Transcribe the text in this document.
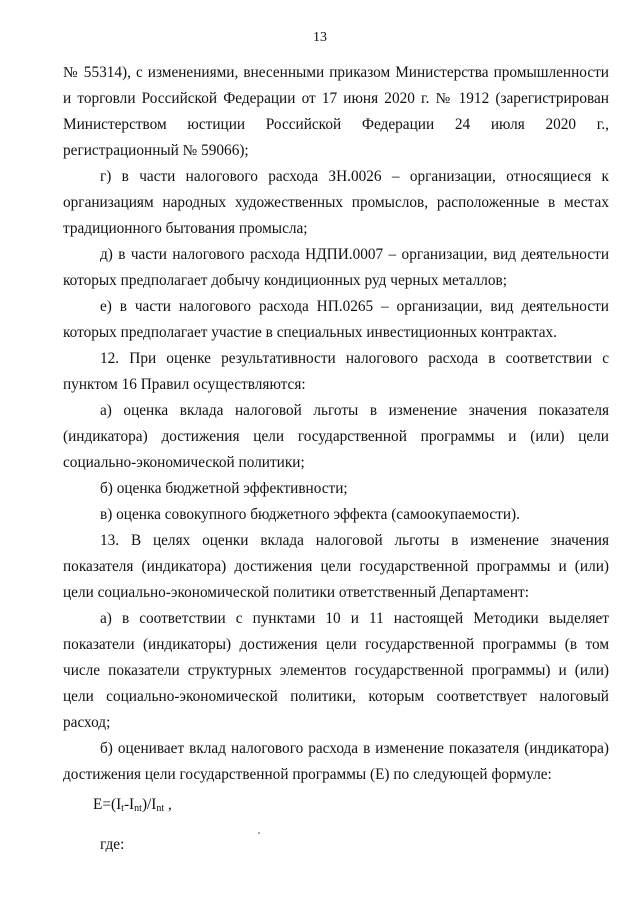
13

№ 55314), с изменениями, внесенными приказом Министерства промышленности и торговли Российской Федерации от 17 июня 2020 г. № 1912 (зарегистрирован Министерством юстиции Российской Федерации 24 июля 2020 г., регистрационный № 59066);

г) в части налогового расхода ЗН.0026 – организации, относящиеся к организациям народных художественных промыслов, расположенные в местах традиционного бытования промысла;

д) в части налогового расхода НДПИ.0007 – организации, вид деятельности которых предполагает добычу кондиционных руд черных металлов;

е) в части налогового расхода НП.0265 – организации, вид деятельности которых предполагает участие в специальных инвестиционных контрактах.

12. При оценке результативности налогового расхода в соответствии с пунктом 16 Правил осуществляются:

а) оценка вклада налоговой льготы в изменение значения показателя (индикатора) достижения цели государственной программы и (или) цели социально-экономической политики;

б) оценка бюджетной эффективности;

в) оценка совокупного бюджетного эффекта (самоокупаемости).

13. В целях оценки вклада налоговой льготы в изменение значения показателя (индикатора) достижения цели государственной программы и (или) цели социально-экономической политики ответственный Департамент:

а) в соответствии с пунктами 10 и 11 настоящей Методики выделяет показатели (индикаторы) достижения цели государственной программы (в том числе показатели структурных элементов государственной программы) и (или) цели социально-экономической политики, которым соответствует налоговый расход;

б) оценивает вклад налогового расхода в изменение показателя (индикатора) достижения цели государственной программы (E) по следующей формуле:

$E=(I_t-I_{nt})/I_{nt}$ ,

где:
